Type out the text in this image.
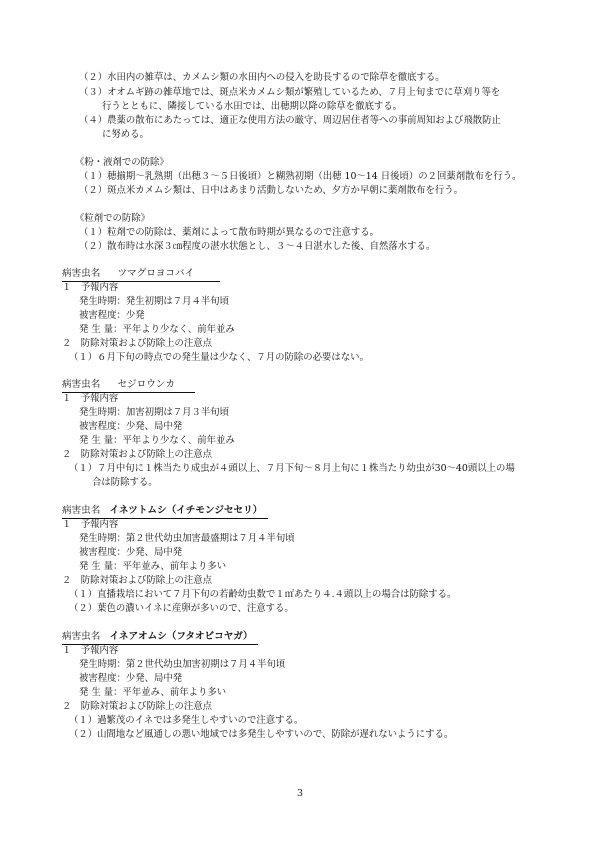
（２）水田内の雑草は、カメムシ類の水田内への侵入を助長するので除草を徹底する。
（３）オオムギ跡の雑草地では、斑点米カメムシ類が繁殖しているため、７月上旬までに草刈り等を
行うとともに、隣接している水田では、出穂期以降の除草を徹底する。
（４）農薬の散布にあたっては、適正な使用方法の厳守、周辺居住者等への事前周知および飛散防止
に努める。
《粉・液剤での防除》
（１）穂揃期～乳熟期（出穂３～５日後頃）と糊熟初期（出穂 10～14 日後頃）の２回薬剤散布を行う。
（２）斑点米カメムシ類は、日中はあまり活動しないため、夕方か早朝に薬剤散布を行う。
《粒剤での防除》
（１）粒剤での防除は、薬剤によって散布時期が異なるので注意する。
（２）散布時は水深３㎝程度の湛水状態とし、３～４日湛水した後、自然落水する。
病害虫名 ツマグロヨコバイ
１　予報内容
発生時期：発生初期は７月４半旬頃
被害程度：少発
発 生 量：平年より少なく、前年並み
２　防除対策および防除上の注意点
（１）６月下旬の時点での発生量は少なく、７月の防除の必要はない。
病害虫名 セジロウンカ
１　予報内容
発生時期：加害初期は７月３半旬頃
被害程度：少発、局中発
発 生 量：平年より少なく、前年並み
２　防除対策および防除上の注意点
（１）７月中旬に１株当たり成虫が４頭以上、７月下旬～８月上旬に１株当たり幼虫が30～40頭以上の場
合は防除する。
病害虫名 イネツトムシ（イチモンジセセリ）
１　予報内容
発生時期：第２世代幼虫加害最盛期は７月４半旬頃
被害程度：少発、局中発
発 生 量：平年並み、前年より多い
２　防除対策および防除上の注意点
（１）直播栽培において７月下旬の若齢幼虫数で１㎡あたり４.４頭以上の場合は防除する。
（２）葉色の濃いイネに産卵が多いので、注意する。
病害虫名 イネアオムシ（フタオビコヤガ）
１　予報内容
発生時期：第２世代幼虫加害初期は７月４半旬頃
被害程度：少発、局中発
発 生 量：平年並み、前年より多い
２　防除対策および防除上の注意点
（１）過繁茂のイネでは多発生しやすいので注意する。
（２）山間地など風通しの悪い地域では多発生しやすいので、防除が遅れないようにする。
3
